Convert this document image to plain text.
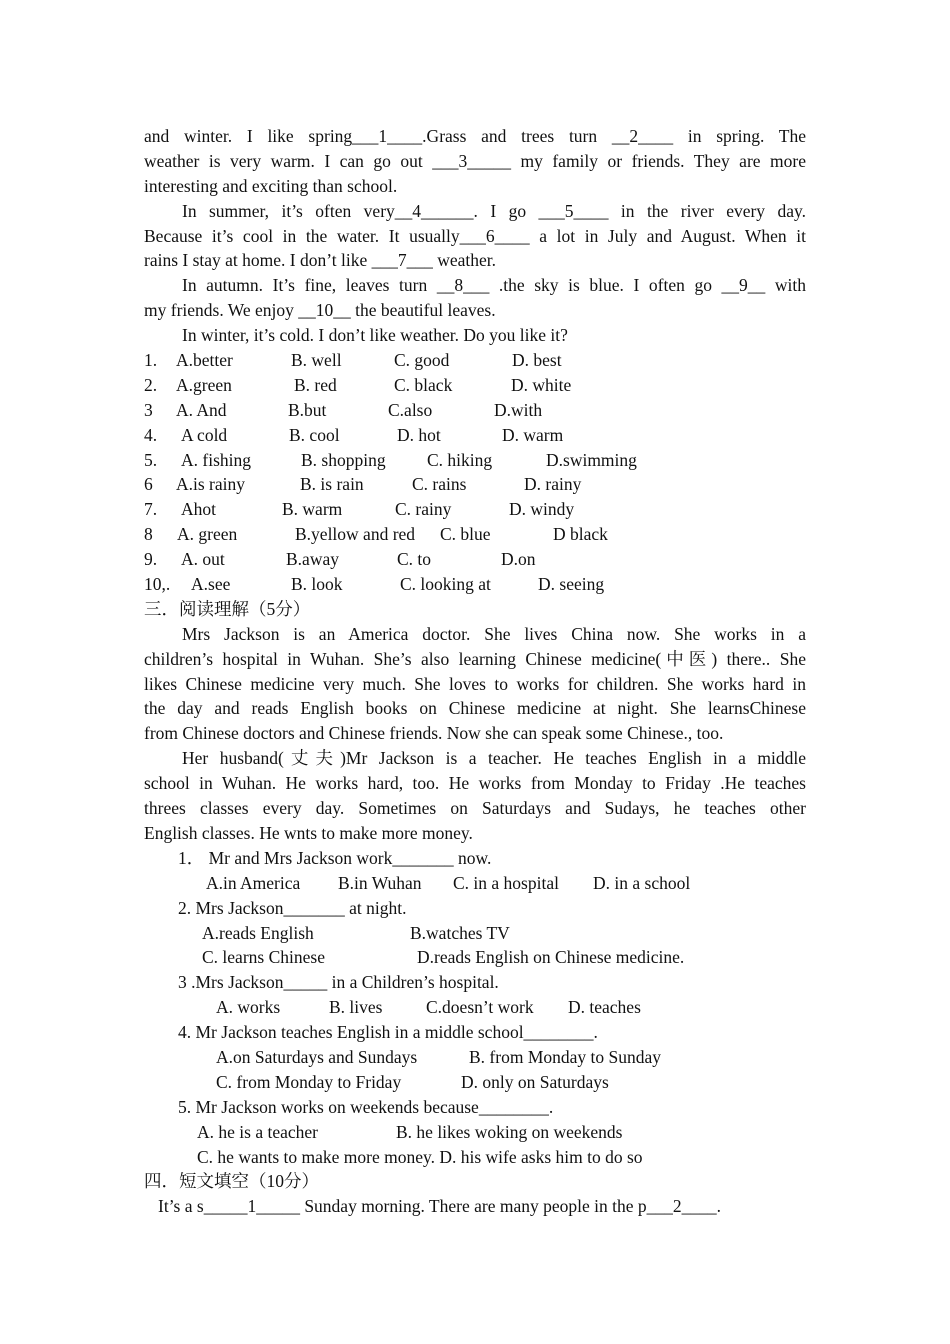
and winter. I like spring___1____.Grass and trees turn __2____ in spring. The
weather is very warm. I can go out ___3_____ my family or friends. They are more
interesting and exciting than school.
In summer, it’s often very__4______. I go ___5____ in the river every day.
Because it’s cool in the water. It usually___6____ a lot in July and August. When it
rains I stay at home. I don’t like ___7___ weather.
In autumn. It’s fine, leaves turn __8___ .the sky is blue. I often go __9__ with
my friends. We enjoy __10__ the beautiful leaves.
In winter, it’s cold. I don’t like weather. Do you like it?
1. A.better	B. well	C. good	D. best
2. A.green	B. red	C. black	D. white
3 A. And	B.but	C.also	D.with
4. A cold	B. cool	D. hot	D. warm
5. A. fishing	B. shopping C. hiking	D.swimming
6 A.is rainy	B. is rain	C. rains	D. rainy
7. Ahot	B. warm	C. rainy	D. windy
8 A. green	B.yellow and red C. blue	D black
9. A. out	B.away	C. to	D.on
10,. A.see	B. look	C. looking at	D. seeing
三．阅读理解（5分）
Mrs Jackson is an America doctor. She lives China now. She works in a
children’s hospital in Wuhan. She’s also learning Chinese medicine(中医) there.. She
likes Chinese medicine very much. She loves to works for children. She works hard in
the day and reads English books on Chinese medicine at night. She learnsChinese
from Chinese doctors and Chinese friends. Now she can speak some Chinese., too.
Her husband(丈夫)Mr Jackson is a teacher. He teaches English in a middle
school in Wuhan. He works hard, too. He works from Monday to Friday .He teaches
threes classes every day. Sometimes on Saturdays and Sudays, he teaches other
English classes. He wnts to make more money.
1． Mr and Mrs Jackson work_______ now.
A.in America B.in Wuhan C. in a hospital D. in a school
2. Mrs Jackson_______ at night.
A.reads English	B.watches TV
C. learns Chinese	D.reads English on Chinese medicine.
3 .Mrs Jackson_____ in a Children’s hospital.
A. works	B. lives C.doesn’t work D. teaches
4. Mr Jackson teaches English in a middle school________.
A.on Saturdays and Sundays	B. from Monday to Sunday
C. from Monday to Friday	D. only on Saturdays
5. Mr Jackson works on weekends because________.
A. he is a teacher	B. he likes woking on weekends
C. he wants to make more money. D. his wife asks him to do so
四．短文填空（10分）
It’s a s_____1_____ Sunday morning. There are many people in the p___2____.
